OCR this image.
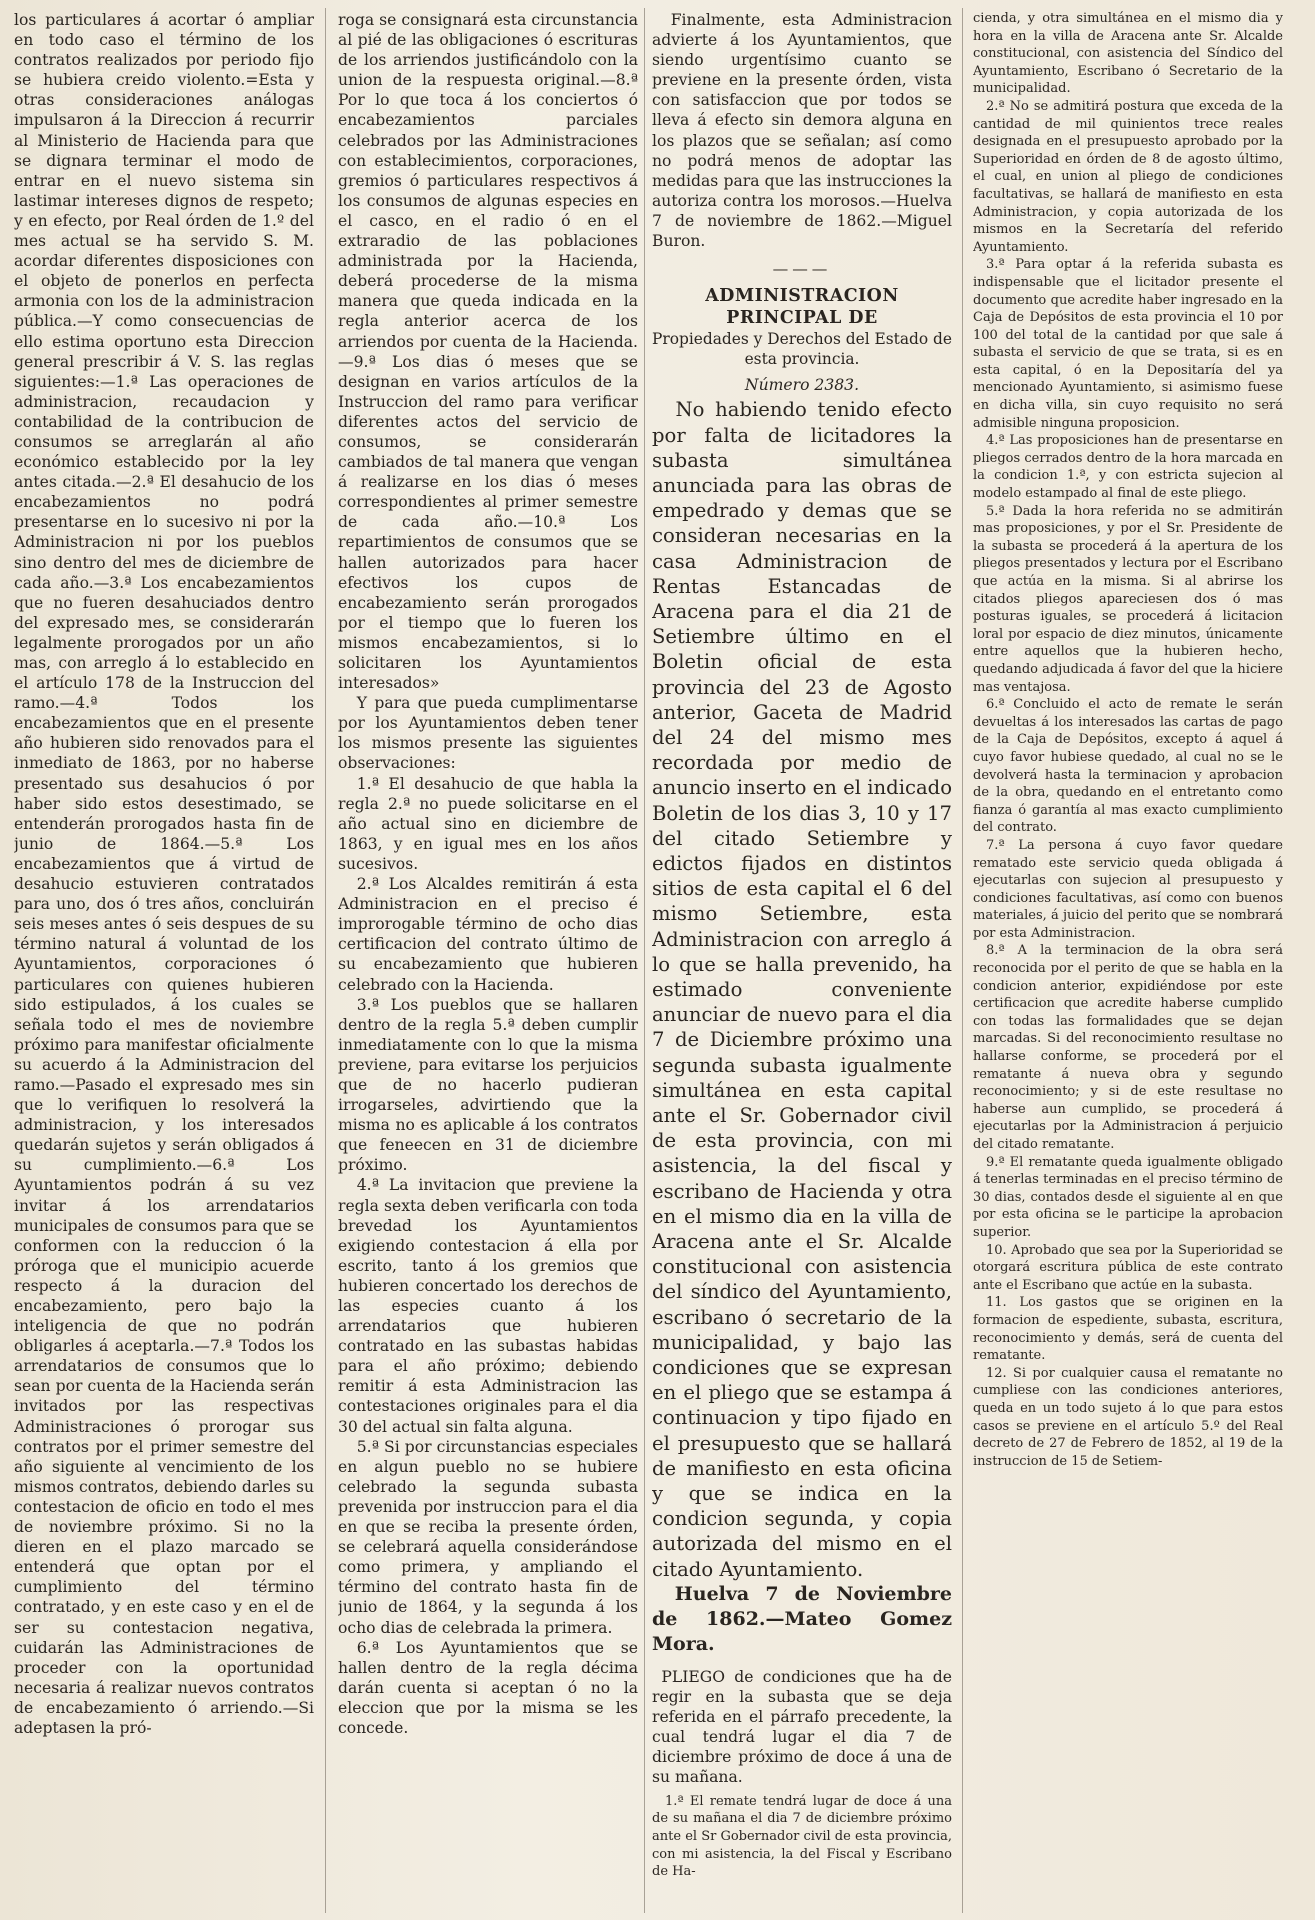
los particulares á acortar ó ampliar en todo caso el término de los contratos realizados por periodo fijo se hubiera creido violento.=Esta y otras consideraciones análogas impulsaron á la Direccion á recurrir al Ministerio de Hacienda para que se dignara terminar el modo de entrar en el nuevo sistema sin lastimar intereses dignos de respeto; y en efecto, por Real órden de 1.º del mes actual se ha servido S. M. acordar diferentes disposiciones con el objeto de ponerlos en perfecta armonia con los de la administracion pública.—Y como consecuencias de ello estima oportuno esta Direccion general prescribir á V. S. las reglas siguientes:—1.ª Las operaciones de administracion, recaudacion y contabilidad de la contribucion de consumos se arreglarán al año económico establecido por la ley antes citada.—2.ª El desahucio de los encabezamientos no podrá presentarse en lo sucesivo ni por la Administracion ni por los pueblos sino dentro del mes de diciembre de cada año.—3.ª Los encabezamientos que no fueren desahuciados dentro del expresado mes, se considerarán legalmente prorogados por un año mas, con arreglo á lo establecido en el artículo 178 de la Instruccion del ramo.—4.ª Todos los encabezamientos que en el presente año hubieren sido renovados para el inmediato de 1863, por no haberse presentado sus desahucios ó por haber sido estos desestimado, se entenderán prorogados hasta fin de junio de 1864.—5.ª Los encabezamientos que á virtud de desahucio estuvieren contratados para uno, dos ó tres años, concluirán seis meses antes ó seis despues de su término natural á voluntad de los Ayuntamientos, corporaciones ó particulares con quienes hubieren sido estipulados, á los cuales se señala todo el mes de noviembre próximo para manifestar oficialmente su acuerdo á la Administracion del ramo.—Pasado el expresado mes sin que lo verifiquen lo resolverá la administracion, y los interesados quedarán sujetos y serán obligados á su cumplimiento.—6.ª Los Ayuntamientos podrán á su vez invitar á los arrendatarios municipales de consumos para que se conformen con la reduccion ó la próroga que el municipio acuerde respecto á la duracion del encabezamiento, pero bajo la inteligencia de que no podrán obligarles á aceptarla.—7.ª Todos los arrendatarios de consumos que lo sean por cuenta de la Hacienda serán invitados por las respectivas Administraciones ó prorogar sus contratos por el primer semestre del año siguiente al vencimiento de los mismos contratos, debiendo darles su contestacion de oficio en todo el mes de noviembre próximo. Si no la dieren en el plazo marcado se entenderá que optan por el cumplimiento del término contratado, y en este caso y en el de ser su contestacion negativa, cuidarán las Administraciones de proceder con la oportunidad necesaria á realizar nuevos contratos de encabezamiento ó arriendo.—Si adeptasen la pró-

roga se consignará esta circunstancia al pié de las obligaciones ó escrituras de los arriendos justificándolo con la union de la respuesta original.—8.ª Por lo que toca á los conciertos ó encabezamientos parciales celebrados por las Administraciones con establecimientos, corporaciones, gremios ó particulares respectivos á los consumos de algunas especies en el casco, en el radio ó en el extraradio de las poblaciones administrada por la Hacienda, deberá procederse de la misma manera que queda indicada en la regla anterior acerca de los arriendos por cuenta de la Hacienda.—9.ª Los dias ó meses que se designan en varios artículos de la Instruccion del ramo para verificar diferentes actos del servicio de consumos, se considerarán cambiados de tal manera que vengan á realizarse en los dias ó meses correspondientes al primer semestre de cada año.—10.ª Los repartimientos de consumos que se hallen autorizados para hacer efectivos los cupos de encabezamiento serán prorogados por el tiempo que lo fueren los mismos encabezamientos, si lo solicitaren los Ayuntamientos interesados»

Y para que pueda cumplimentarse por los Ayuntamientos deben tener los mismos presente las siguientes observaciones:

1.ª El desahucio de que habla la regla 2.ª no puede solicitarse en el año actual sino en diciembre de 1863, y en igual mes en los años sucesivos.

2.ª Los Alcaldes remitirán á esta Administracion en el preciso é improrogable término de ocho dias certificacion del contrato último de su encabezamiento que hubieren celebrado con la Hacienda.

3.ª Los pueblos que se hallaren dentro de la regla 5.ª deben cumplir inmediatamente con lo que la misma previene, para evitarse los perjuicios que de no hacerlo pudieran irrogarseles, advirtiendo que la misma no es aplicable á los contratos que feneecen en 31 de diciembre próximo.

4.ª La invitacion que previene la regla sexta deben verificarla con toda brevedad los Ayuntamientos exigiendo contestacion á ella por escrito, tanto á los gremios que hubieren concertado los derechos de las especies cuanto á los arrendatarios que hubieren contratado en las subastas habidas para el año próximo; debiendo remitir á esta Administracion las contestaciones originales para el dia 30 del actual sin falta alguna.

5.ª Si por circunstancias especiales en algun pueblo no se hubiere celebrado la segunda subasta prevenida por instruccion para el dia en que se reciba la presente órden, se celebrará aquella considerándose como primera, y ampliando el término del contrato hasta fin de junio de 1864, y la segunda á los ocho dias de celebrada la primera.

6.ª Los Ayuntamientos que se hallen dentro de la regla décima darán cuenta si aceptan ó no la eleccion que por la misma se les concede.

Finalmente, esta Administracion advierte á los Ayuntamientos, que siendo urgentísimo cuanto se previene en la presente órden, vista con satisfaccion que por todos se lleva á efecto sin demora alguna en los plazos que se señalan; así como no podrá menos de adoptar las medidas para que las instrucciones la autoriza contra los morosos.—Huelva 7 de noviembre de 1862.—Miguel Buron.

———

ADMINISTRACION PRINCIPAL DE

Propiedades y Derechos del Estado de esta provincia.

Número 2383.

No habiendo tenido efecto por falta de licitadores la subasta simultánea anunciada para las obras de empedrado y demas que se consideran necesarias en la casa Administracion de Rentas Estancadas de Aracena para el dia 21 de Setiembre último en el Boletin oficial de esta provincia del 23 de Agosto anterior, Gaceta de Madrid del 24 del mismo mes recordada por medio de anuncio inserto en el indicado Boletin de los dias 3, 10 y 17 del citado Setiembre y edictos fijados en distintos sitios de esta capital el 6 del mismo Setiembre, esta Administracion con arreglo á lo que se halla prevenido, ha estimado conveniente anunciar de nuevo para el dia 7 de Diciembre próximo una segunda subasta igualmente simultánea en esta capital ante el Sr. Gobernador civil de esta provincia, con mi asistencia, la del fiscal y escribano de Hacienda y otra en el mismo dia en la villa de Aracena ante el Sr. Alcalde constitucional con asistencia del síndico del Ayuntamiento, escribano ó secretario de la municipalidad, y bajo las condiciones que se expresan en el pliego que se estampa á continuacion y tipo fijado en el presupuesto que se hallará de manifiesto en esta oficina y que se indica en la condicion segunda, y copia autorizada del mismo en el citado Ayuntamiento.

Huelva 7 de Noviembre de 1862.—Mateo Gomez Mora.

PLIEGO de condiciones que ha de regir en la subasta que se deja referida en el párrafo precedente, la cual tendrá lugar el dia 7 de diciembre próximo de doce á una de su mañana.

1.ª El remate tendrá lugar de doce á una de su mañana el dia 7 de diciembre próximo ante el Sr Gobernador civil de esta provincia, con mi asistencia, la del Fiscal y Escribano de Ha-

cienda, y otra simultánea en el mismo dia y hora en la villa de Aracena ante Sr. Alcalde constitucional, con asistencia del Síndico del Ayuntamiento, Escribano ó Secretario de la municipalidad.

2.ª No se admitirá postura que exceda de la cantidad de mil quinientos trece reales designada en el presupuesto aprobado por la Superioridad en órden de 8 de agosto último, el cual, en union al pliego de condiciones facultativas, se hallará de manifiesto en esta Administracion, y copia autorizada de los mismos en la Secretaría del referido Ayuntamiento.

3.ª Para optar á la referida subasta es indispensable que el licitador presente el documento que acredite haber ingresado en la Caja de Depósitos de esta provincia el 10 por 100 del total de la cantidad por que sale á subasta el servicio de que se trata, si es en esta capital, ó en la Depositaría del ya mencionado Ayuntamiento, si asimismo fuese en dicha villa, sin cuyo requisito no será admisible ninguna proposicion.

4.ª Las proposiciones han de presentarse en pliegos cerrados dentro de la hora marcada en la condicion 1.ª, y con estricta sujecion al modelo estampado al final de este pliego.

5.ª Dada la hora referida no se admitirán mas proposiciones, y por el Sr. Presidente de la subasta se procederá á la apertura de los pliegos presentados y lectura por el Escribano que actúa en la misma. Si al abrirse los citados pliegos apareciesen dos ó mas posturas iguales, se procederá á licitacion loral por espacio de diez minutos, únicamente entre aquellos que la hubieren hecho, quedando adjudicada á favor del que la hiciere mas ventajosa.

6.ª Concluido el acto de remate le serán devueltas á los interesados las cartas de pago de la Caja de Depósitos, excepto á aquel á cuyo favor hubiese quedado, al cual no se le devolverá hasta la terminacion y aprobacion de la obra, quedando en el entretanto como fianza ó garantía al mas exacto cumplimiento del contrato.

7.ª La persona á cuyo favor quedare rematado este servicio queda obligada á ejecutarlas con sujecion al presupuesto y condiciones facultativas, así como con buenos materiales, á juicio del perito que se nombrará por esta Administracion.

8.ª A la terminacion de la obra será reconocida por el perito de que se habla en la condicion anterior, expidiéndose por este certificacion que acredite haberse cumplido con todas las formalidades que se dejan marcadas. Si del reconocimiento resultase no hallarse conforme, se procederá por el rematante á nueva obra y segundo reconocimiento; y si de este resultase no haberse aun cumplido, se procederá á ejecutarlas por la Administracion á perjuicio del citado rematante.

9.ª El rematante queda igualmente obligado á tenerlas terminadas en el preciso término de 30 dias, contados desde el siguiente al en que por esta oficina se le participe la aprobacion superior.

10. Aprobado que sea por la Superioridad se otorgará escritura pública de este contrato ante el Escribano que actúe en la subasta.

11. Los gastos que se originen en la formacion de espediente, subasta, escritura, reconocimiento y demás, será de cuenta del rematante.

12. Si por cualquier causa el rematante no cumpliese con las condiciones anteriores, queda en un todo sujeto á lo que para estos casos se previene en el artículo 5.º del Real decreto de 27 de Febrero de 1852, al 19 de la instruccion de 15 de Setiem-
